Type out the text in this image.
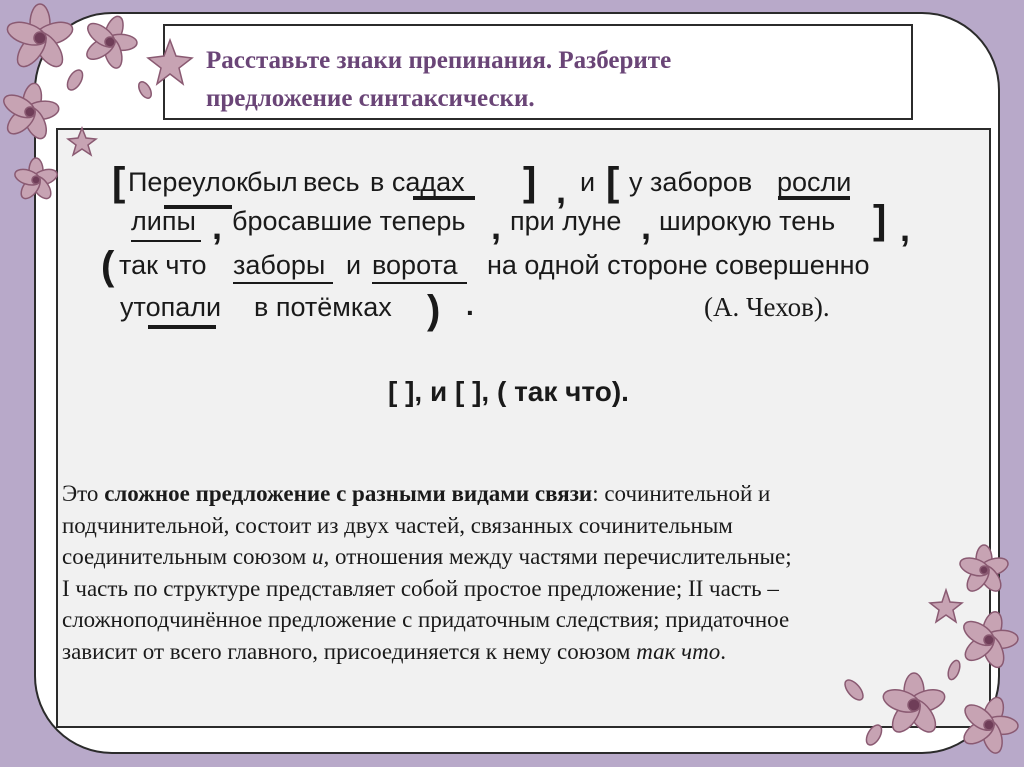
Расставьте знаки препинания. Разберите
предложение синтаксически.
[ Переулок был весь в садах ] , и [ у заборов росли
липы , бросавшие теперь , при луне , широкую тень ] ,
( так что заборы и ворота на одной стороне совершенно
утопали в потёмках ) .	(А. Чехов).
[ ], и [ ], ( так что).
Это сложное предложение с разными видами связи: сочинительной и
подчинительной, состоит из двух частей, связанных сочинительным
соединительным союзом и, отношения между частями перечислительные;
I часть по структуре представляет собой простое предложение; II часть –
сложноподчинённое предложение с придаточным следствия; придаточное
зависит от всего главного, присоединяется к нему союзом так что.
